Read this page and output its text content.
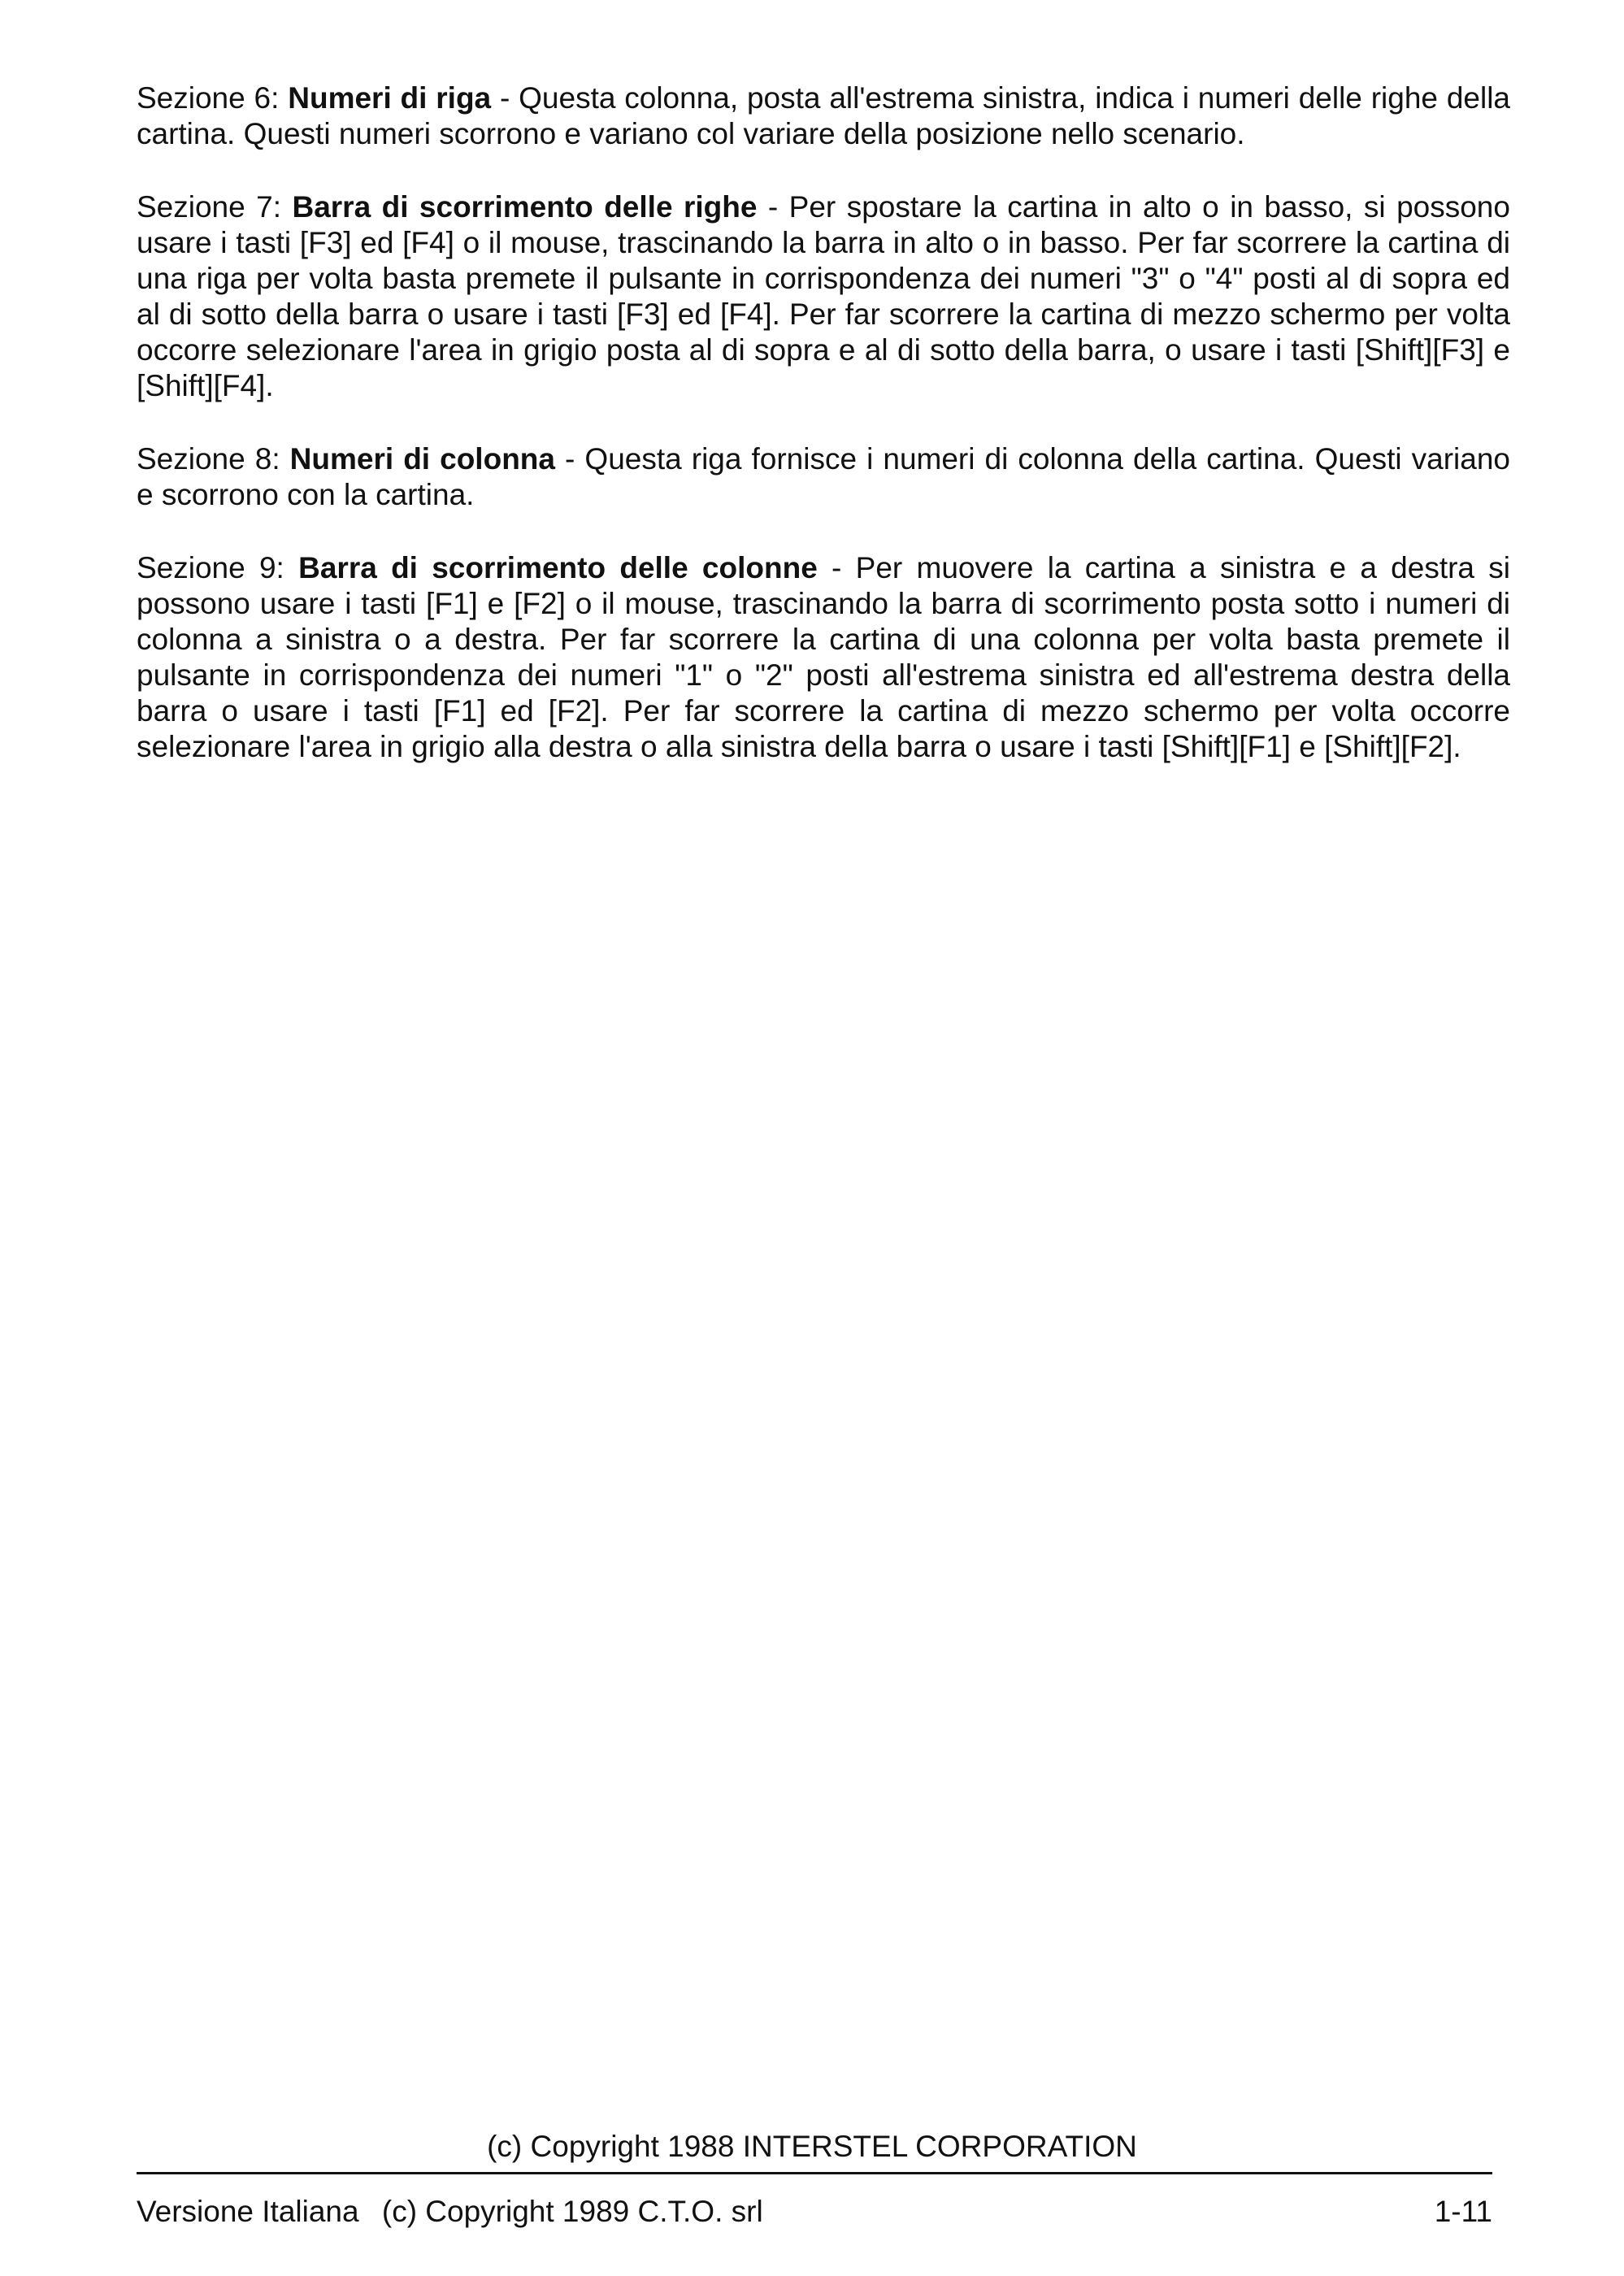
Sezione 6: Numeri di riga - Questa colonna, posta all'estrema sinistra, indica i numeri delle righe della cartina. Questi numeri scorrono e variano col variare della posizione nello scenario.

Sezione 7: Barra di scorrimento delle righe - Per spostare la cartina in alto o in basso, si possono usare i tasti [F3] ed [F4] o il mouse, trascinando la barra in alto o in basso. Per far scorrere la cartina di una riga per volta basta premete il pulsante in corrispondenza dei numeri "3" o "4" posti al di sopra ed al di sotto della barra o usare i tasti [F3] ed [F4]. Per far scorrere la cartina di mezzo schermo per volta occorre selezionare l'area in grigio posta al di sopra e al di sotto della barra, o usare i tasti [Shift][F3] e [Shift][F4].

Sezione 8: Numeri di colonna - Questa riga fornisce i numeri di colonna della cartina. Questi variano e scorrono con la cartina.

Sezione 9: Barra di scorrimento delle colonne - Per muovere la cartina a sinistra e a destra si possono usare i tasti [F1] e [F2] o il mouse, trascinando la barra di scorrimento posta sotto i numeri di colonna a sinistra o a destra. Per far scorrere la cartina di una colonna per volta basta premete il pulsante in corrispondenza dei numeri "1" o "2" posti all'estrema sinistra ed all'estrema destra della barra o usare i tasti [F1] ed [F2]. Per far scorrere la cartina di mezzo schermo per volta occorre selezionare l'area in grigio alla destra o alla sinistra della barra o usare i tasti [Shift][F1] e [Shift][F2].

(c) Copyright 1988 INTERSTEL CORPORATION
Versione Italiana (c) Copyright 1989 C.T.O. srl	1-11
